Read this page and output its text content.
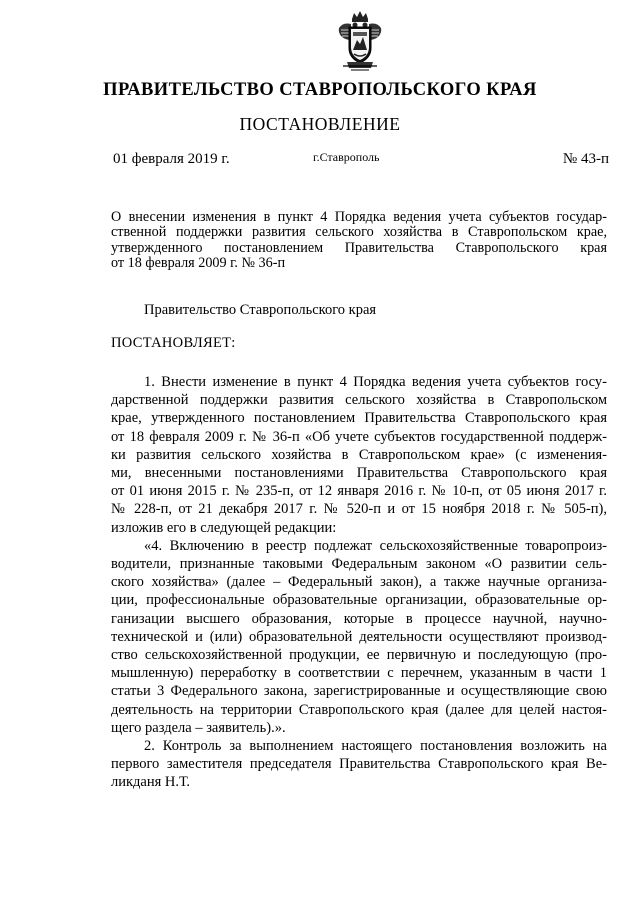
ПРАВИТЕЛЬСТВО СТАВРОПОЛЬСКОГО КРАЯ
ПОСТАНОВЛЕНИЕ
01 февраля 2019 г.	г.Ставрополь	№ 43-п

О внесении изменения в пункт 4 Порядка ведения учета субъектов государ-

ственной поддержки развития сельского хозяйства в Ставропольском крае,

утвержденного постановлением Правительства Ставропольского края

от 18 февраля 2009 г. № 36-п

Правительство Ставропольского края
ПОСТАНОВЛЯЕТ:
1. Внести изменение в пункт 4 Порядка ведения учета субъектов госу-
дарственной поддержки развития сельского хозяйства в Ставропольском
крае, утвержденного постановлением Правительства Ставропольского края
от 18 февраля 2009 г. № 36-п «Об учете субъектов государственной поддерж-
ки развития сельского хозяйства в Ставропольском крае» (с изменения-
ми, внесенными постановлениями Правительства Ставропольского края
от 01 июня 2015 г. № 235-п, от 12 января 2016 г. № 10-п, от 05 июня 2017 г.
№ 228-п, от 21 декабря 2017 г. № 520-п и от 15 ноября 2018 г. № 505-п),
изложив его в следующей редакции:
«4. Включению в реестр подлежат сельскохозяйственные товаропроиз-
водители, признанные таковыми Федеральным законом «О развитии сель-
ского хозяйства» (далее – Федеральный закон), а также научные организа-
ции, профессиональные образовательные организации, образовательные ор-
ганизации высшего образования, которые в процессе научной, научно-
технической и (или) образовательной деятельности осуществляют производ-
ство сельскохозяйственной продукции, ее первичную и последующую (про-
мышленную) переработку в соответствии с перечнем, указанным в части 1
статьи 3 Федерального закона, зарегистрированные и осуществляющие свою
деятельность на территории Ставропольского края (далее для целей настоя-
щего раздела – заявитель).».
2. Контроль за выполнением настоящего постановления возложить на
первого заместителя председателя Правительства Ставропольского края Ве-
ликданя Н.Т.
